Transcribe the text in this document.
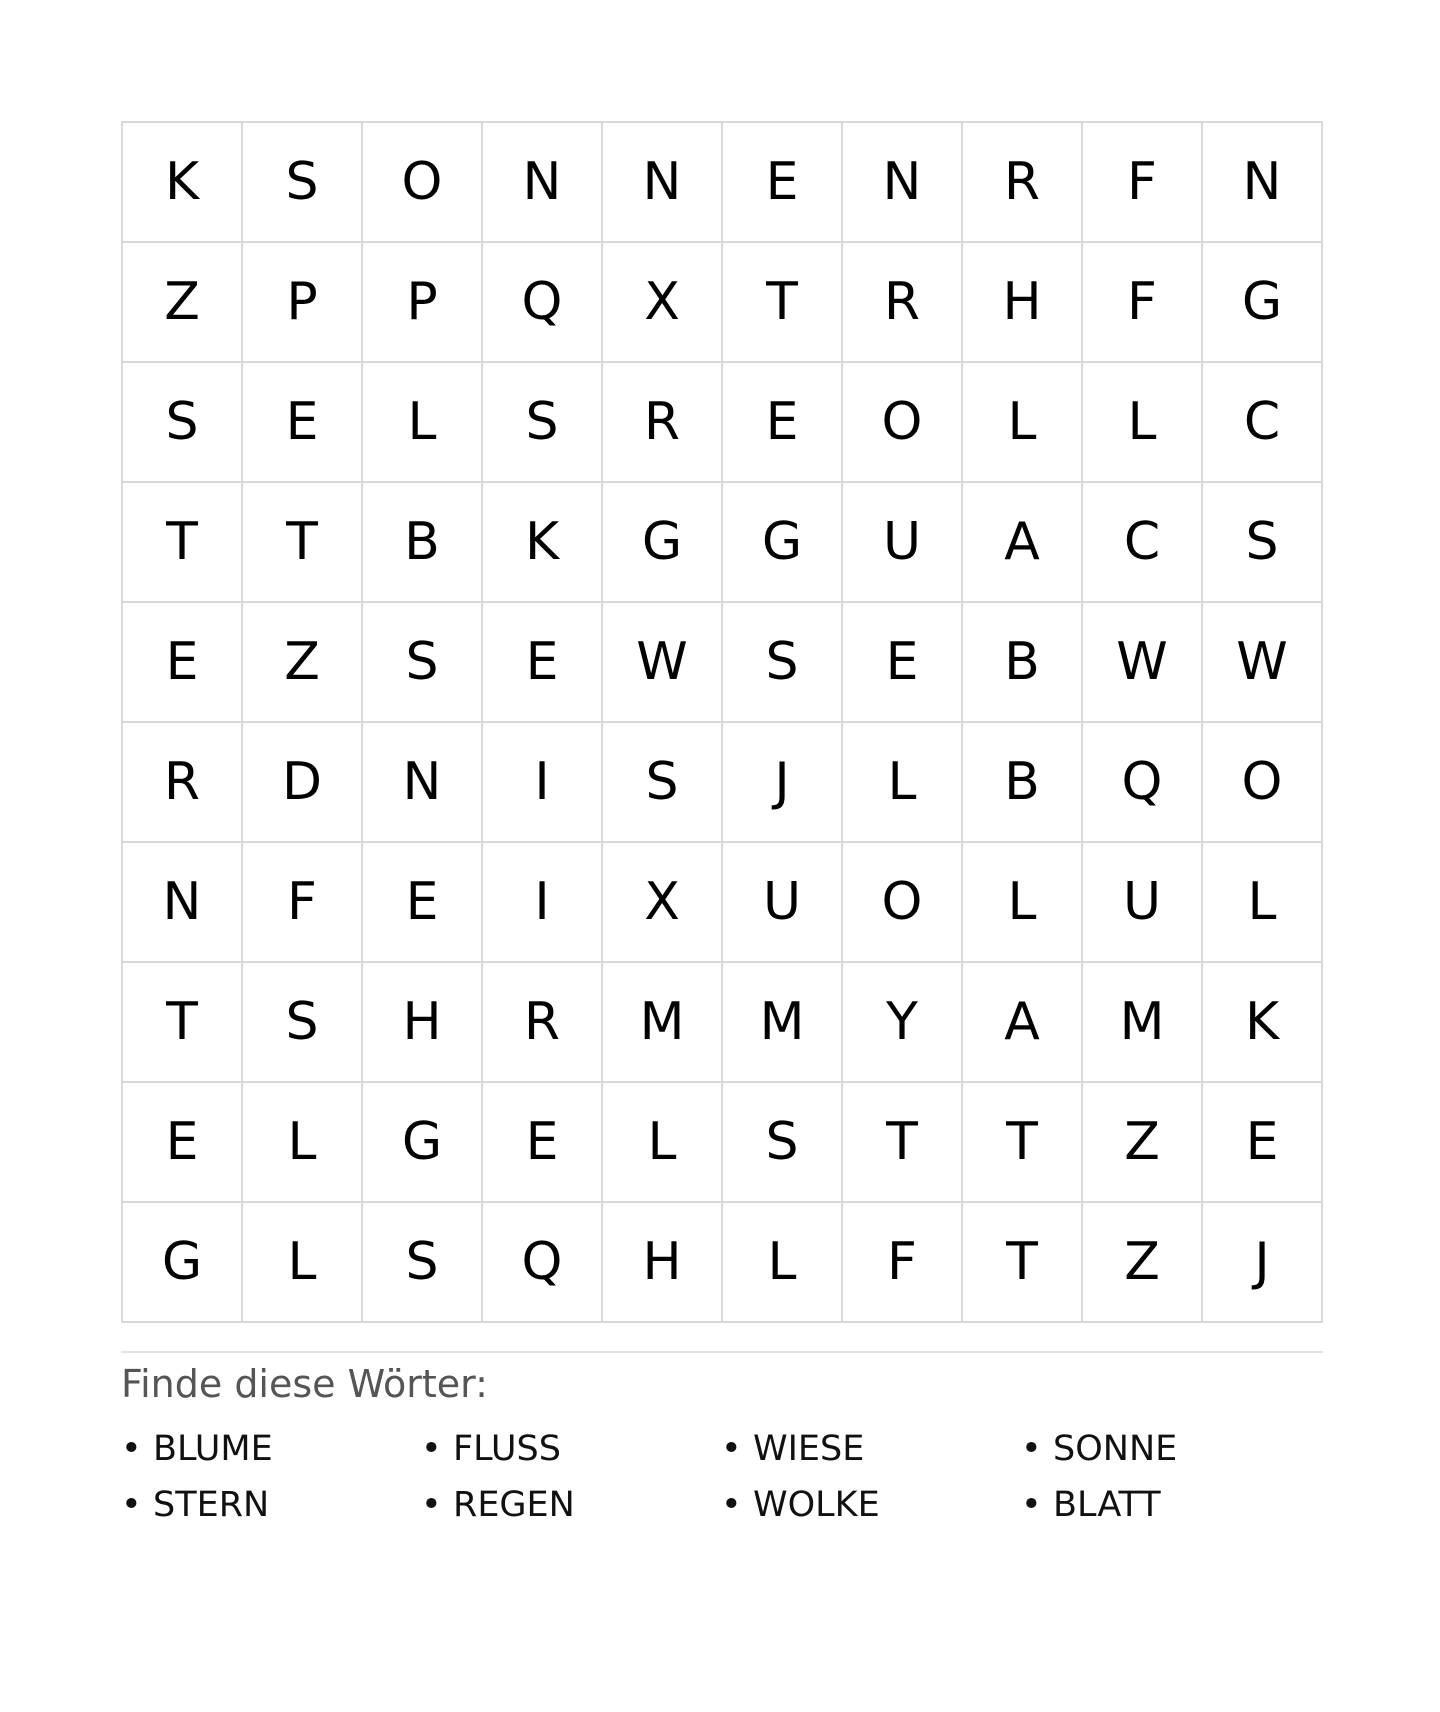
K	S	O	N	N	E	N	R	F	N
Z	P	P	Q	X	T	R	H	F	G
S	E	L	S	R	E	O	L	L	C
T	T	B	K	G	G	U	A	C	S
E	Z	S	E	W	S	E	B	W	W
R	D	N	I	S	J	L	B	Q	O
N	F	E	I	X	U	O	L	U	L
T	S	H	R	M	M	Y	A	M	K
E	L	G	E	L	S	T	T	Z	E
G	L	S	Q	H	L	F	T	Z	J
Finde diese Wörter:
• BLUME	• FLUSS	• WIESE	• SONNE
• STERN	• REGEN	• WOLKE	• BLATT
